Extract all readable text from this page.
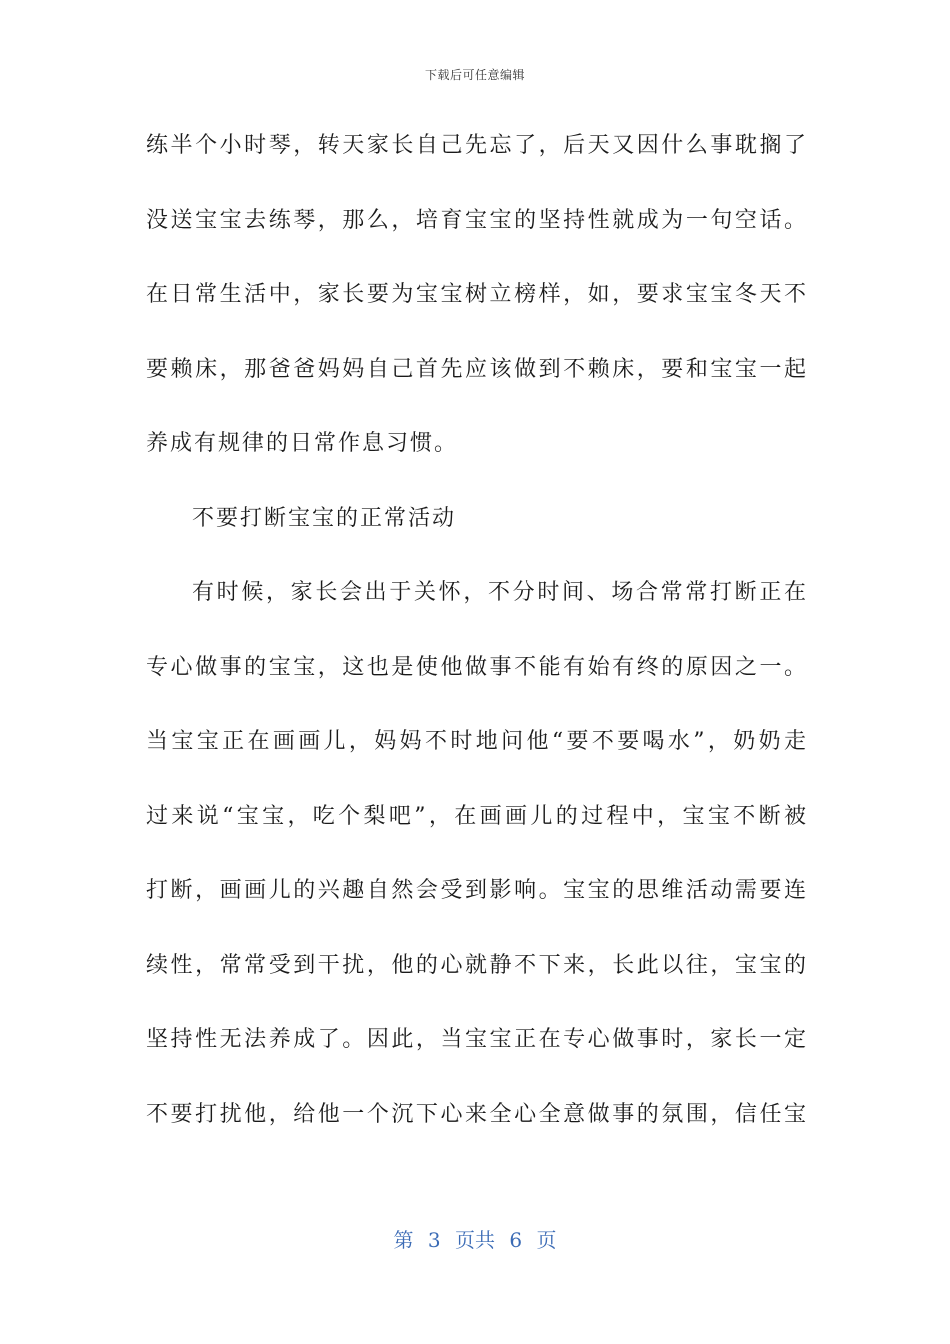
下载后可任意编辑
练半个小时琴，转天家长自己先忘了，后天又因什么事耽搁了
没送宝宝去练琴，那么，培育宝宝的坚持性就成为一句空话。
在日常生活中，家长要为宝宝树立榜样，如，要求宝宝冬天不
要赖床，那爸爸妈妈自己首先应该做到不赖床，要和宝宝一起
养成有规律的日常作息习惯。
不要打断宝宝的正常活动
有时候，家长会出于关怀，不分时间、场合常常打断正在
专心做事的宝宝，这也是使他做事不能有始有终的原因之一。
当宝宝正在画画儿，妈妈不时地问他“要不要喝水”，奶奶走
过来说“宝宝，吃个梨吧”，在画画儿的过程中，宝宝不断被
打断，画画儿的兴趣自然会受到影响。宝宝的思维活动需要连
续性，常常受到干扰，他的心就静不下来，长此以往，宝宝的
坚持性无法养成了。因此，当宝宝正在专心做事时，家长一定
不要打扰他，给他一个沉下心来全心全意做事的氛围，信任宝
第 3 页共 6 页
